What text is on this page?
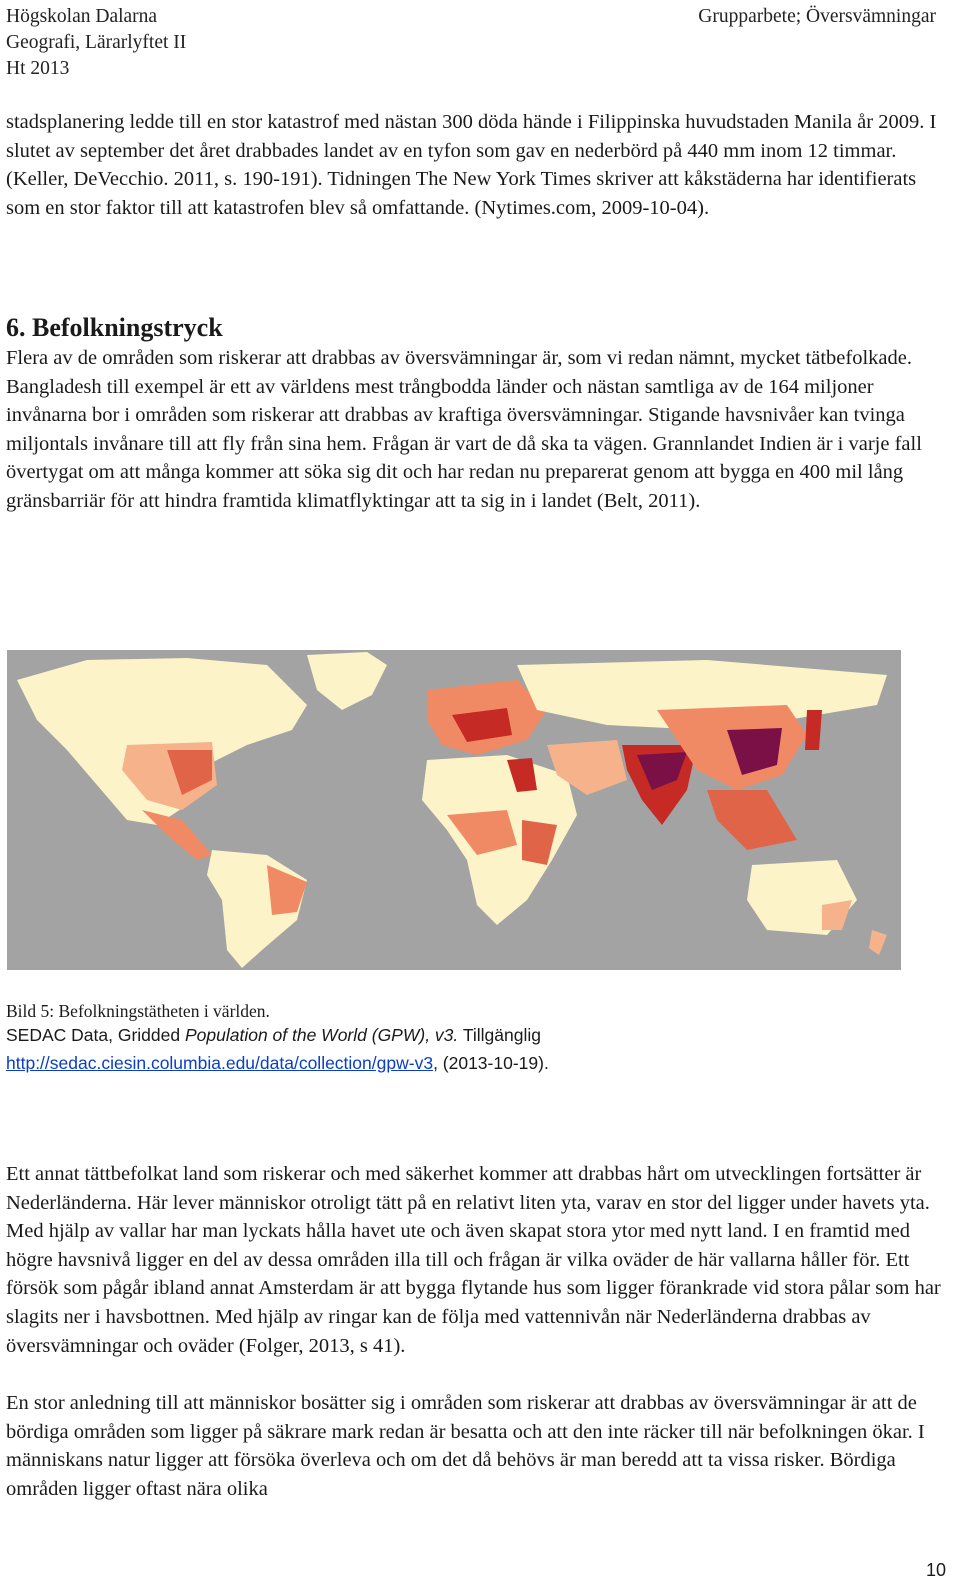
Högskolan Dalarna
Geografi, Lärarlyftet II
Ht 2013
Grupparbete; Översvämningar

stadsplanering ledde till en stor katastrof med nästan 300 döda hände i Filippinska huvudstaden Manila år 2009. I slutet av september det året drabbades landet av en tyfon som gav en nederbörd på 440 mm inom 12 timmar. (Keller, DeVecchio. 2011, s. 190-191). Tidningen The New York Times skriver att kåkstäderna har identifierats som en stor faktor till att katastrofen blev så omfattande. (Nytimes.com, 2009-10-04).

6. Befolkningstryck

Flera av de områden som riskerar att drabbas av översvämningar är, som vi redan nämnt, mycket tätbefolkade. Bangladesh till exempel är ett av världens mest trångbodda länder och nästan samtliga av de 164 miljoner invånarna bor i områden som riskerar att drabbas av kraftiga översvämningar. Stigande havsnivåer kan tvinga miljontals invånare till att fly från sina hem. Frågan är vart de då ska ta vägen. Grannlandet Indien är i varje fall övertygat om att många kommer att söka sig dit och har redan nu preparerat genom att bygga en 400 mil lång gränsbarriär för att hindra framtida klimatflyktingar att ta sig in i landet (Belt, 2011).

Bild 5: Befolkningstätheten i världen.
SEDAC Data, Gridded Population of the World (GPW), v3. Tillgänglig
http://sedac.ciesin.columbia.edu/data/collection/gpw-v3, (2013-10-19).

Ett annat tättbefolkat land som riskerar och med säkerhet kommer att drabbas hårt om utvecklingen fortsätter är Nederländerna. Här lever människor otroligt tätt på en relativt liten yta, varav en stor del ligger under havets yta. Med hjälp av vallar har man lyckats hålla havet ute och även skapat stora ytor med nytt land. I en framtid med högre havsnivå ligger en del av dessa områden illa till och frågan är vilka oväder de här vallarna håller för. Ett försök som pågår ibland annat Amsterdam är att bygga flytande hus som ligger förankrade vid stora pålar som har slagits ner i havsbottnen. Med hjälp av ringar kan de följa med vattennivån när Nederländerna drabbas av översvämningar och oväder (Folger, 2013, s 41).

En stor anledning till att människor bosätter sig i områden som riskerar att drabbas av översvämningar är att de bördiga områden som ligger på säkrare mark redan är besatta och att den inte räcker till när befolkningen ökar. I människans natur ligger att försöka överleva och om det då behövs är man beredd att ta vissa risker. Bördiga områden ligger oftast nära olika

10
